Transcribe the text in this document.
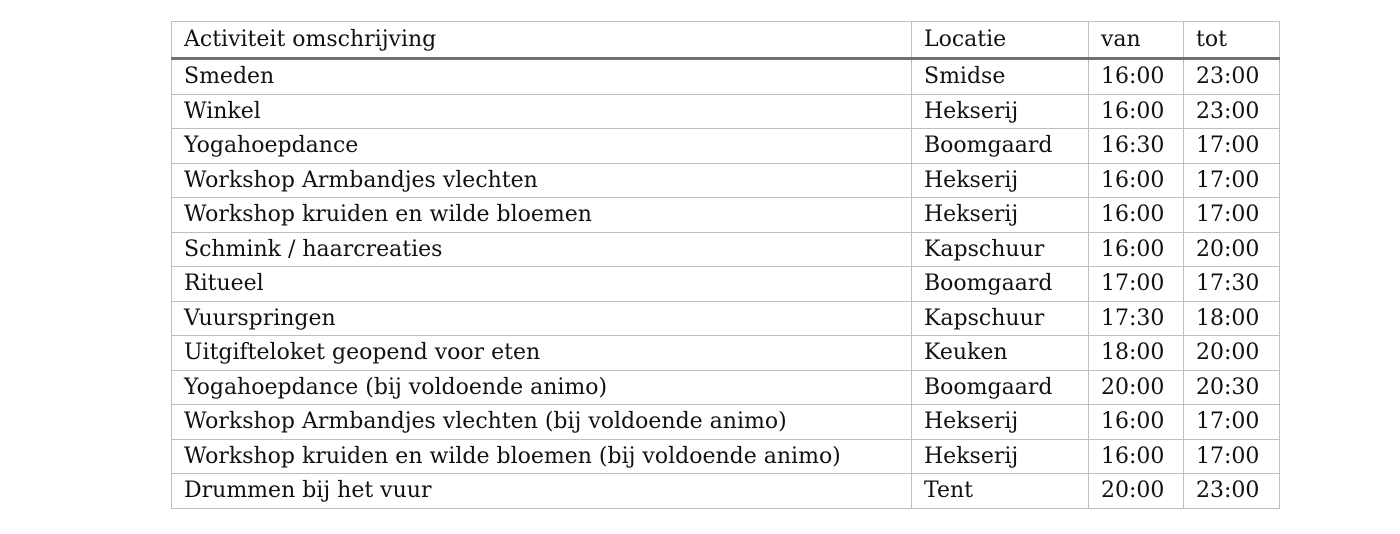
Activiteit omschrijving	Locatie	van	tot
Smeden	Smidse	16:00	23:00
Winkel	Hekserij	16:00	23:00
Yogahoepdance	Boomgaard	16:30	17:00
Workshop Armbandjes vlechten	Hekserij	16:00	17:00
Workshop kruiden en wilde bloemen	Hekserij	16:00	17:00
Schmink / haarcreaties	Kapschuur	16:00	20:00
Ritueel	Boomgaard	17:00	17:30
Vuurspringen	Kapschuur	17:30	18:00
Uitgifteloket geopend voor eten	Keuken	18:00	20:00
Yogahoepdance (bij voldoende animo)	Boomgaard	20:00	20:30
Workshop Armbandjes vlechten (bij voldoende animo)	Hekserij	16:00	17:00
Workshop kruiden en wilde bloemen (bij voldoende animo)	Hekserij	16:00	17:00
Drummen bij het vuur	Tent	20:00	23:00
